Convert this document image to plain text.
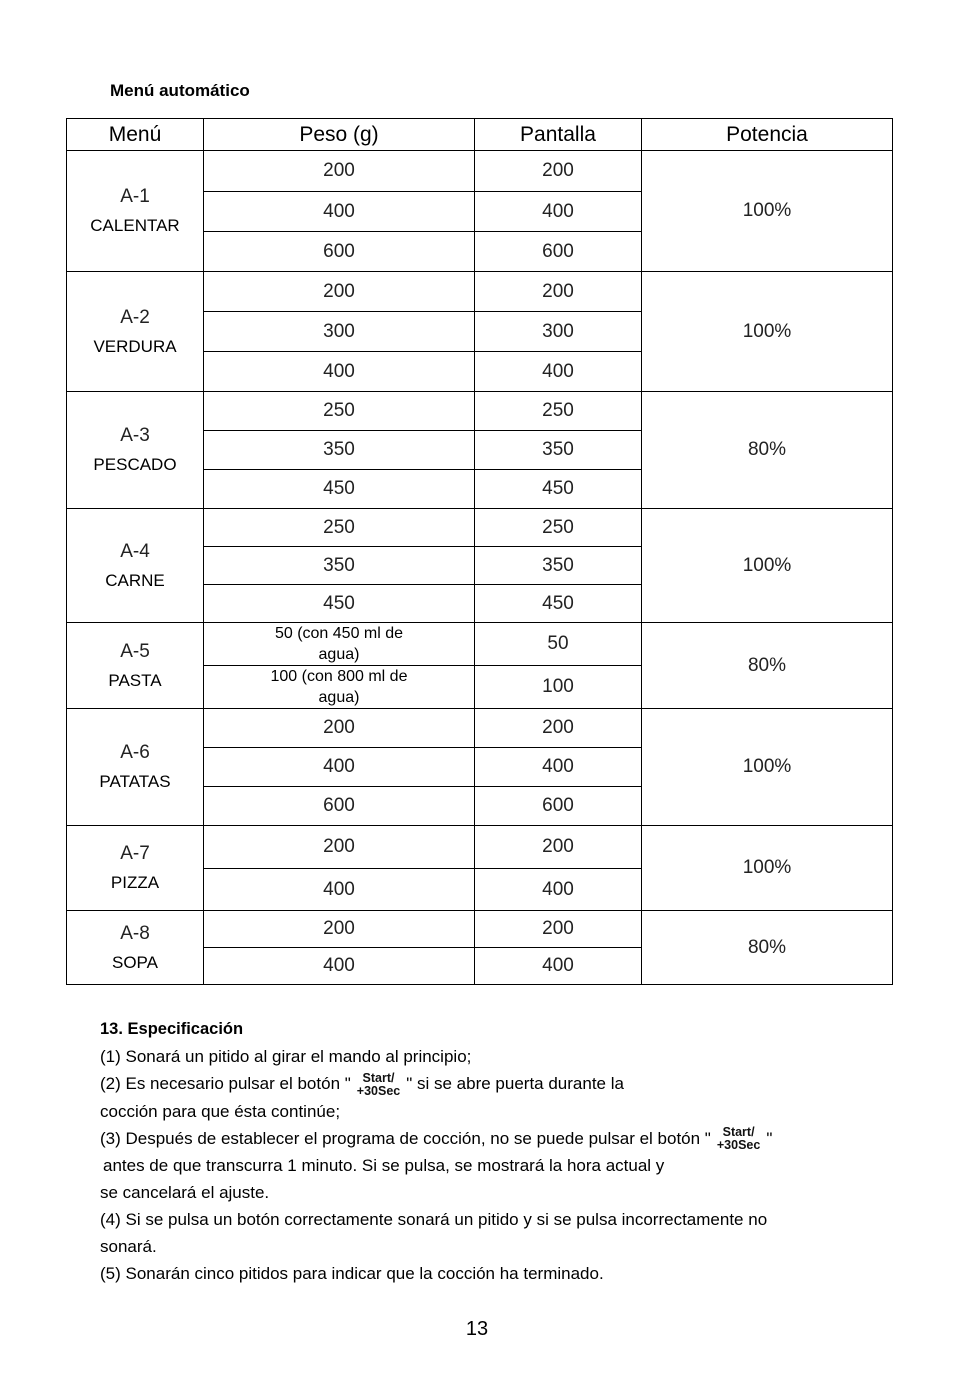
Menú automático
Menú	Peso (g)	Pantalla	Potencia

A-1
CALENTAR	200	200	100%
	400	400	
	600	600	

A-2
VERDURA	200	200	100%
	300	300	
	400	400	

A-3
PESCADO	250	250	80%
	350	350	
	450	450	

A-4
CARNE	250	250	100%
	350	350	
	450	450	

A-5
PASTA	50 (con 450 ml de agua)	50	80%

	100 (con 800 ml de agua)	100	

A-6
PATATAS	200	200	100%
	400	400	
	600	600	

A-7
PIZZA	200	200	100%
	400	400	

A-8
SOPA	200	200	80%
	400	400	

13. Especificación

(1) Sonará un pitido al girar el mando al principio;

(2) Es necesario pulsar el botón " Start/
+30Sec " si se abre puerta durante la

cocción para que ésta continúe;

(3) Después de establecer el programa de cocción, no se puede pulsar el botón " Start/
+30Sec "

antes de que transcurra 1 minuto. Si se pulsa, se mostrará la hora actual y

se cancelará el ajuste.

(4) Si se pulsa un botón correctamente sonará un pitido y si se pulsa incorrectamente no

sonará.

(5) Sonarán cinco pitidos para indicar que la cocción ha terminado.

13
